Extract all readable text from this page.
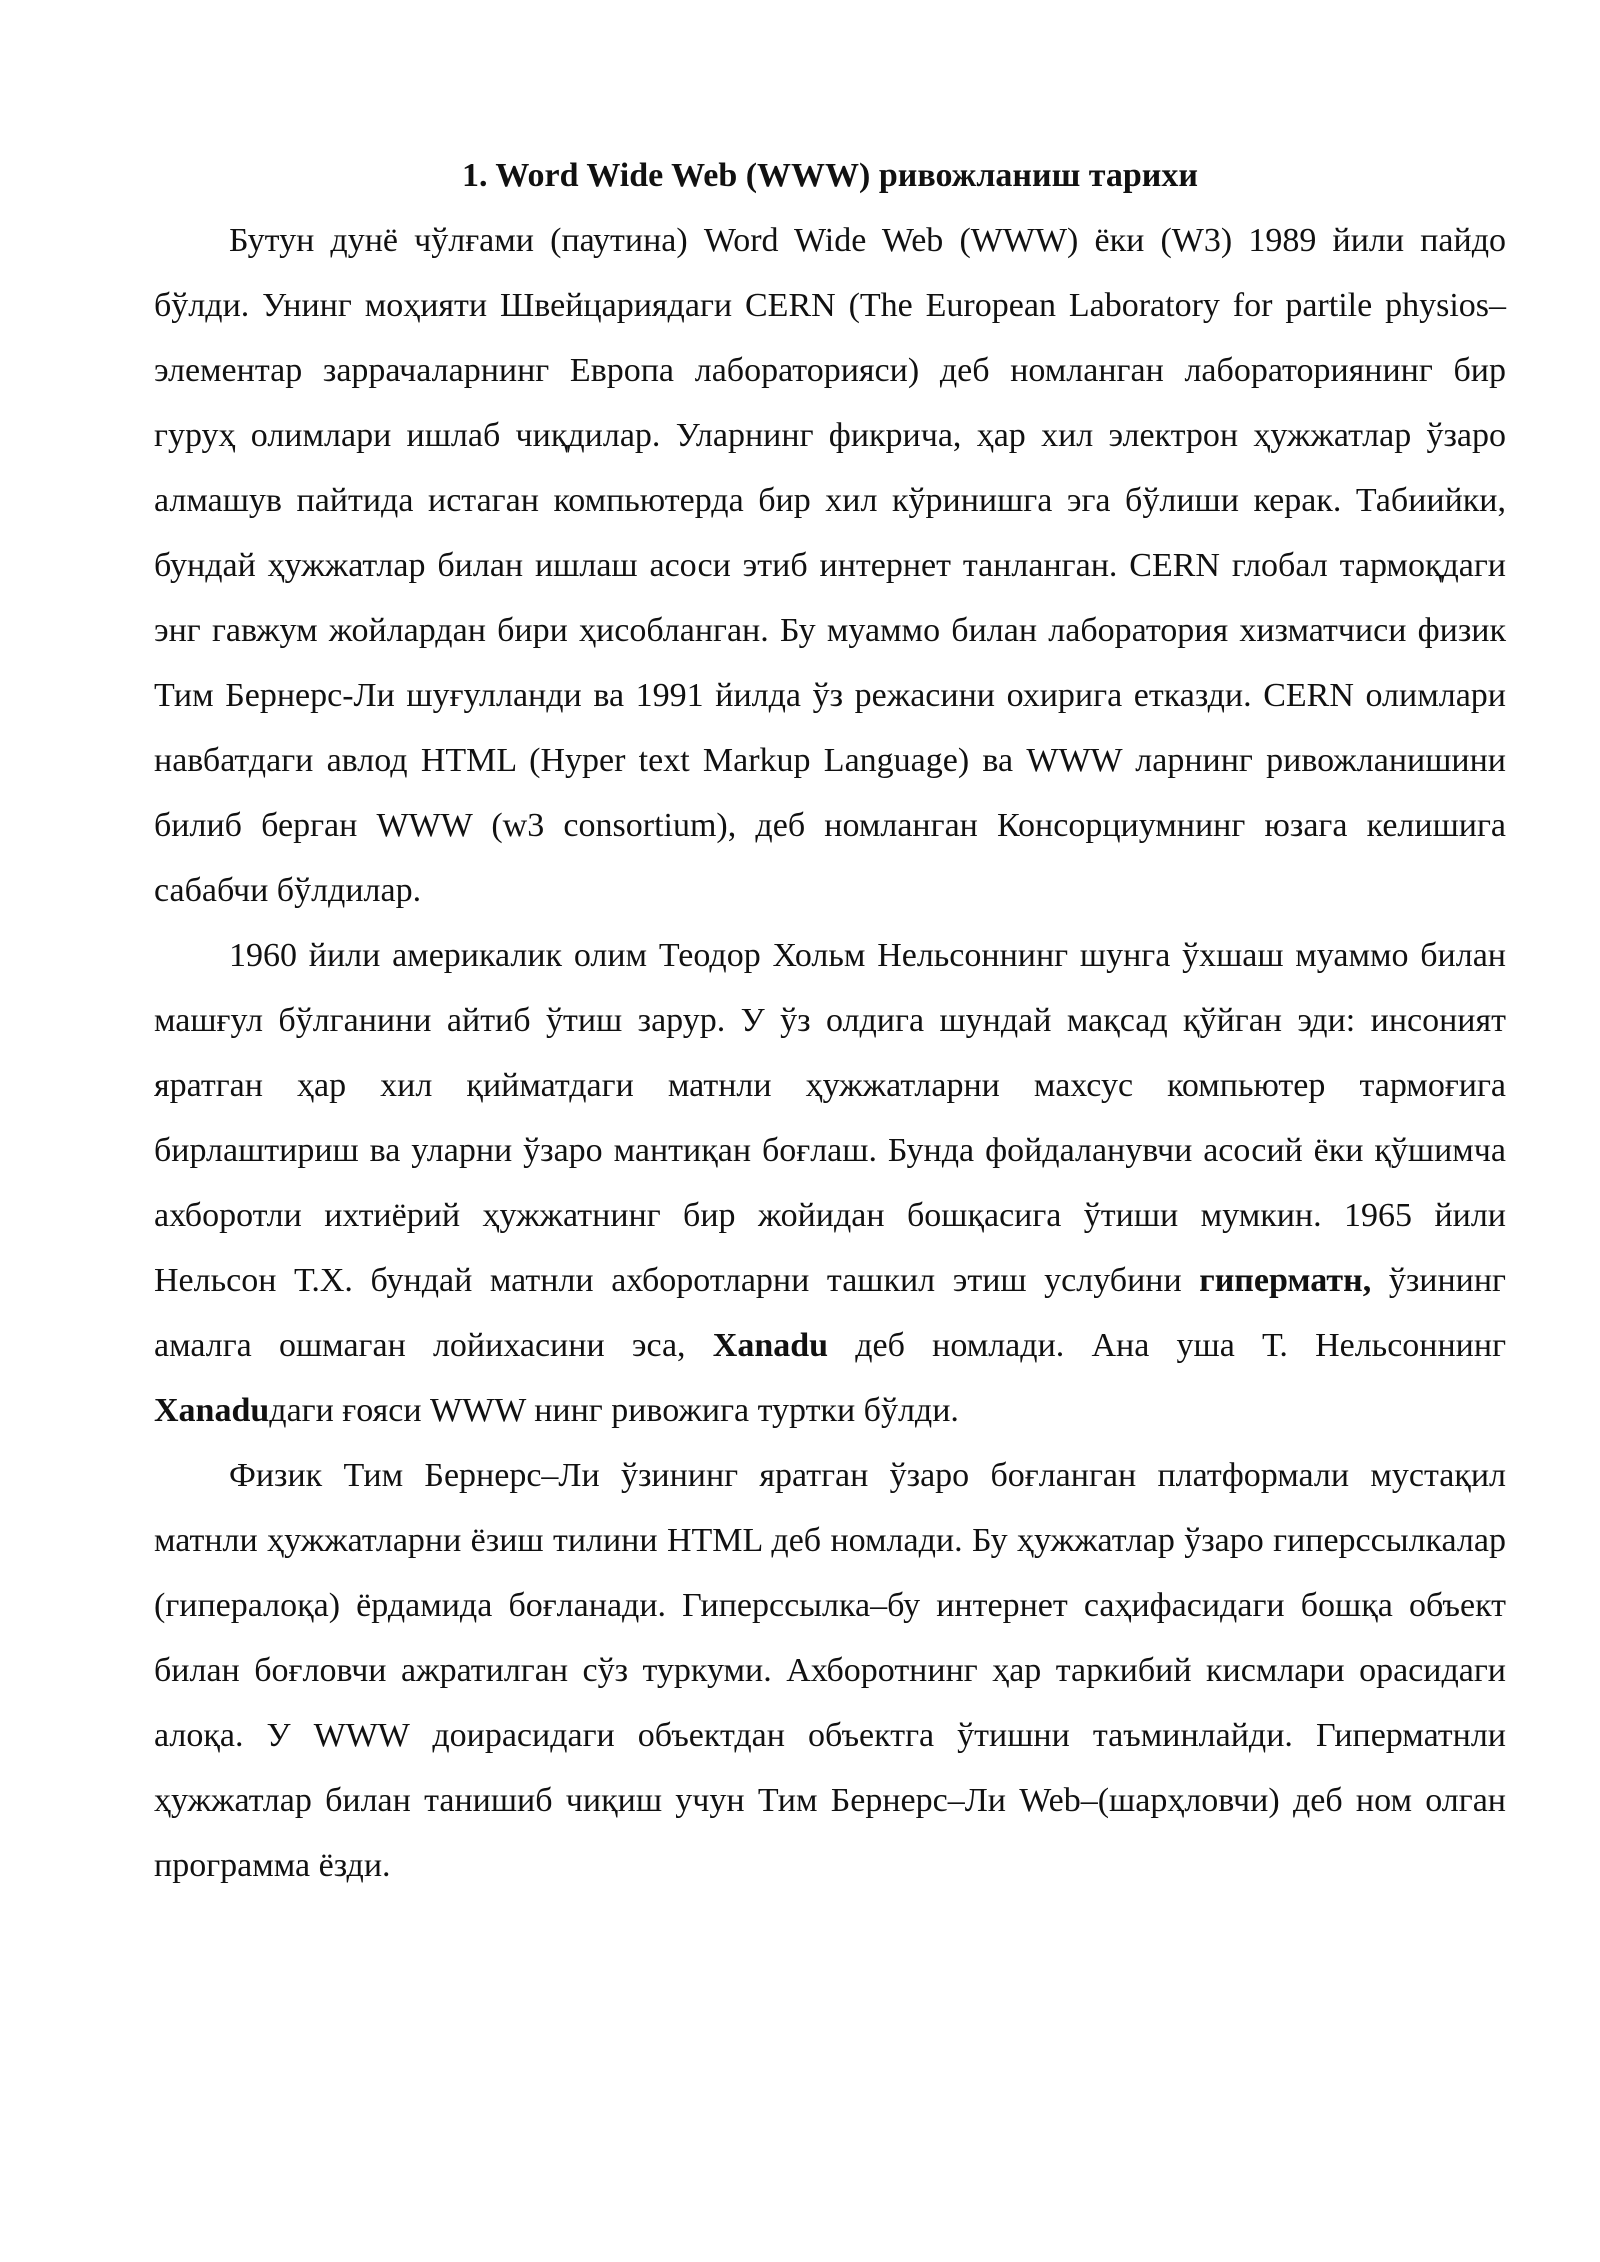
1. Word Wide Web (WWW) ривожланиш тарихи

Бутун дунё чўлғами (паутина) Word Wide Web (WWW) ёки (W3) 1989 йили пайдо бўлди. Унинг моҳияти Швейцариядаги CERN (The European Laboratory for partile physios–элементар заррачаларнинг Европа лабораторияси) деб номланган лабораториянинг бир гуруҳ олимлари ишлаб чиқдилар. Уларнинг фикрича, ҳар хил электрон ҳужжатлар ўзаро алмашув пайтида истаган компьютерда бир хил кўринишга эга бўлиши керак. Табиийки, бундай ҳужжатлар билан ишлаш асоси этиб интернет танланган. CERN глобал тармоқдаги энг гавжум жойлардан бири ҳисобланган. Бу муаммо билан лаборатория хизматчиси физик Тим Бернерс-Ли шуғулланди ва 1991 йилда ўз режасини охирига етказди. CERN олимлари навбатдаги авлод HTML (Hyper text Markup Language) ва WWW ларнинг ривожланишини билиб берган WWW (w3 consortium), деб номланган Консорциумнинг юзага келишига сабабчи бўлдилар.

1960 йили америкалик олим Теодор Хольм Нельсоннинг шунга ўхшаш муаммо билан машғул бўлганини айтиб ўтиш зарур. У ўз олдига шундай мақсад қўйган эди: инсоният яратган ҳар хил қийматдаги матнли ҳужжатларни махсус компьютер тармоғига бирлаштириш ва уларни ўзаро мантиқан боғлаш. Бунда фойдаланувчи асосий ёки қўшимча ахборотли ихтиёрий ҳужжатнинг бир жойидан бошқасига ўтиши мумкин. 1965 йили Нельсон Т.Х. бундай матнли ахборотларни ташкил этиш услубини гиперматн, ўзининг амалга ошмаган лойихасини эса, Xanadu деб номлади. Ана уша Т. Нельсоннинг Xanaduдаги ғояси WWW нинг ривожига туртки бўлди.

Физик Тим Бернерс–Ли ўзининг яратган ўзаро боғланган платформали мустақил матнли ҳужжатларни ёзиш тилини HTML деб номлади. Бу ҳужжатлар ўзаро гиперссылкалар (гипералоқа) ёрдамида боғланади. Гиперссылка–бу интернет саҳифасидаги бошқа объект билан боғловчи ажратилган сўз туркуми. Ахборотнинг ҳар таркибий кисмлари орасидаги алоқа. У WWW доирасидаги объектдан объектга ўтишни таъминлайди. Гиперматнли ҳужжатлар билан танишиб чиқиш учун Тим Бернерс–Ли Web–(шарҳловчи) деб ном олган программа ёзди.
